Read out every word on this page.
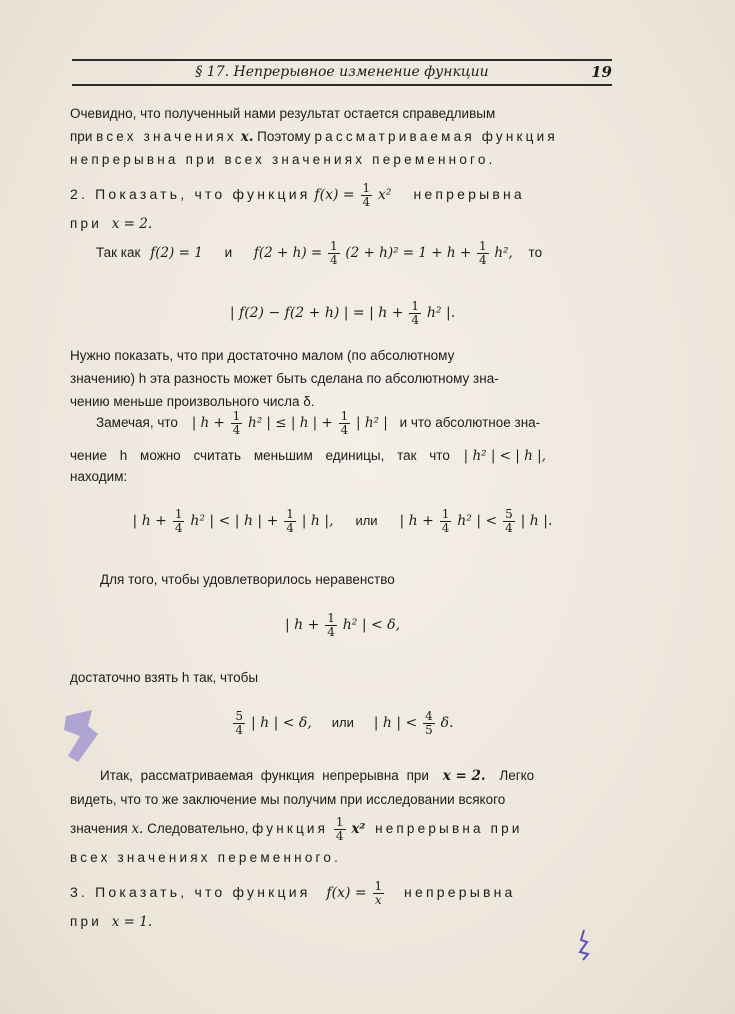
§ 17. Непрерывное изменение функции	19
Очевидно, что полученный нами результат остается справедливым
при всех значениях x. Поэтому рассматриваемая функция
непрерывна при всех значениях переменного.
2. Показать, что функция $f(x) = \frac{1}{4} x^2$ непрерывна
при x = 2.
Так как f(2) = 1 и $f(2 + h) = \frac{1}{4} (2 + h)^2 = 1 + h + \frac{1}{4} h^2$, то
| f(2) − f(2 + h) | = | $h + \frac{1}{4} h^2$ |.
Нужно показать, что при достаточно малом (по абсолютному
значению) h эта разность может быть сделана по абсолютному зна-
чению меньше произвольного числа δ.
Замечая, что | $h + \frac{1}{4} h^2$ | ≤ | h | + $\frac{1}{4}$ | h² | и что абсолютное зна-
чение h можно считать меньшим единицы, так что | h² | < | h |,
находим:
| $h + \frac{1}{4} h^2$ | < | h | + $\frac{1}{4}$ | h |, или | $h + \frac{1}{4} h^2$ | < $\frac{5}{4}$ | h |.
Для того, чтобы удовлетворилось неравенство
| $h + \frac{1}{4} h^2$ | < δ,
достаточно взять h так, чтобы
$\frac{5}{4}$ | h | < δ, или | h | < $\frac{4}{5} \delta$.
Итак, рассматриваемая функция непрерывна при x = 2. Легко
видеть, что то же заключение мы получим при исследовании всякого
значения x. Следовательно, функция $\frac{1}{4} x^2$ непрерывна при
всех значениях переменного.
3. Показать, что функция $f(x) = \frac{1}{x}$ непрерывна
при x = 1.
